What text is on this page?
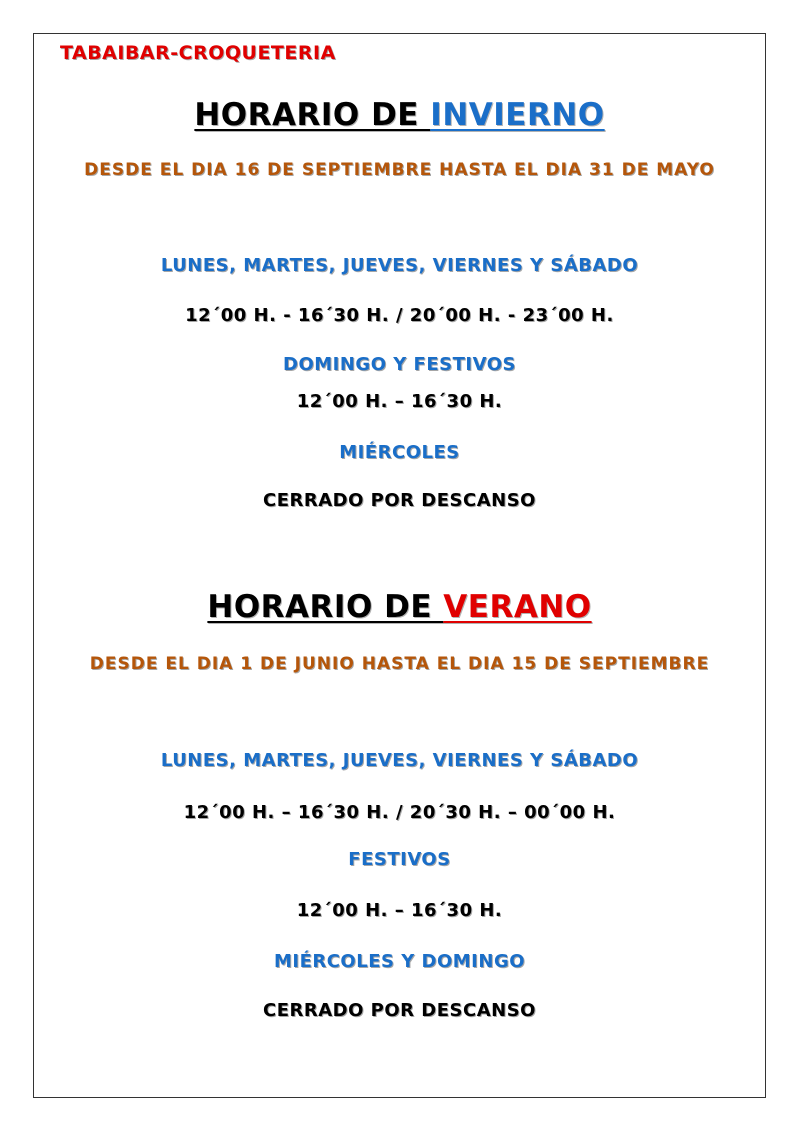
TABAIBAR-CROQUETERIA
HORARIO DE INVIERNO
DESDE EL DIA 16 DE SEPTIEMBRE HASTA EL DIA 31 DE MAYO
LUNES, MARTES, JUEVES, VIERNES Y SÁBADO
12´00 H. - 16´30 H. / 20´00 H. - 23´00 H.
DOMINGO Y FESTIVOS
12´00 H. – 16´30 H.
MIÉRCOLES
CERRADO POR DESCANSO
HORARIO DE VERANO
DESDE EL DIA 1 DE JUNIO HASTA EL DIA 15 DE SEPTIEMBRE
LUNES, MARTES, JUEVES, VIERNES Y SÁBADO
12´00 H. – 16´30 H. / 20´30 H. – 00´00 H.
FESTIVOS
12´00 H. – 16´30 H.
MIÉRCOLES Y DOMINGO
CERRADO POR DESCANSO
